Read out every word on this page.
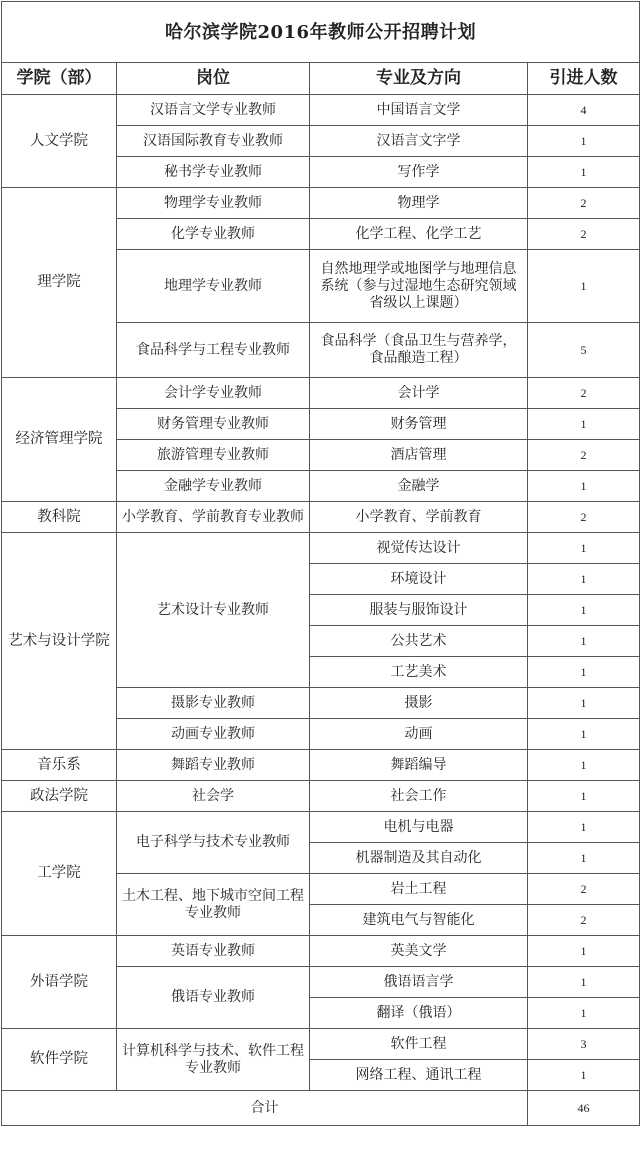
哈尔滨学院2016年教师公开招聘计划			
学院（部）	岗位	专业及方向	引进人数
人文学院	汉语言文学专业教师	中国语言文学	4
	汉语国际教育专业教师	汉语言文字学	1
	秘书学专业教师	写作学	1
理学院	物理学专业教师	物理学	2
	化学专业教师	化学工程、化学工艺	2
	地理学专业教师	自然地理学或地图学与地理信息系统（参与过湿地生态研究领域省级以上课题）	1
	食品科学与工程专业教师	食品科学（食品卫生与营养学，食品酿造工程）	5
经济管理学院	会计学专业教师	会计学	2
	财务管理专业教师	财务管理	1
	旅游管理专业教师	酒店管理	2
	金融学专业教师	金融学	1
教科院	小学教育、学前教育专业教师	小学教育、学前教育	2
艺术与设计学院	艺术设计专业教师	视觉传达设计	1
		环境设计	1
		服装与服饰设计	1
		公共艺术	1
		工艺美术	1
	摄影专业教师	摄影	1
	动画专业教师	动画	1
音乐系	舞蹈专业教师	舞蹈编导	1
政法学院	社会学	社会工作	1
工学院	电子科学与技术专业教师	电机与电器	1
		机器制造及其自动化	1
	土木工程、地下城市空间工程专业教师	岩土工程	2
		建筑电气与智能化	2
外语学院	英语专业教师	英美文学	1
	俄语专业教师	俄语语言学	1
		翻译（俄语）	1
软件学院	计算机科学与技术、软件工程专业教师	软件工程	3
		网络工程、通讯工程	1
合计			46
